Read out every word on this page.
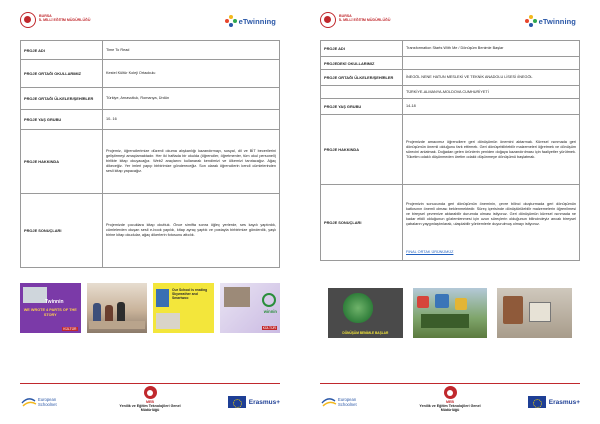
BURSA
İL MİLLİ EĞİTİM MÜDÜRLÜĞÜ	eTwinning
PROJE ADI	Time To Read
PROJE ORTAĞI OKULLARIMIZ	Kestel Kültür Koleji Ortaokulu
PROJE ORTAĞI ÜLKELER/ŞEHİRLER	Türkiye, Arnavutluk, Romanya, Ürdün
PROJE YAŞ GRUBU	10- 16
PROJE HAKKINDA	Projemiz, öğrencilerimize düzenli okuma alışkanlığı kazandırmayı, sosyal, dil ve BİT becerilerini geliştirmeyi amaçlamaktadır. Her iki haftada bir okulda (öğrenciler, öğretmenler, tüm okul personeli) birlikte kitap okuyacağız. Web2 araçlarını kullanarak kendimizi ve ülkemizi tanıtacağız. Ağaç dikeceğiz. Yer imleri yapıp birbirimize göndereceğiz. Son olarak öğrencilerin kendi cümlelerinden sesli kitap yapacağız.
PROJE SONUÇLARI	Projemizde çocuklara kitap okuttuk. Önce simifta sonra öğleç yerlerde, ses kaydı yaptırdık, cümlelerden oluşan sesli e-book yapıldı, kitap ayraç yaptık ve postayla birbirimize gönderdik, yaşlı birine kitap okudular, ağaç dikerlerin fotosunu attıdık.
Twinnin
WE WROTE 4 PARTS OF THE STORY
KÜLTÜR
Our School is reading Skyweather and Smartwoo
winnin
KÜLTÜR
European
Schoolnet	MEB
Yenilik ve Eğitim Teknolojileri Genel Müdürlüğü
Erasmus+
BURSA
İL MİLLİ EĞİTİM MÜDÜRLÜĞÜ	eTwinning
PROJE ADI	Transformation Starts With Me / Dönüşüm Benimle Başlar
PROJEDEKİ OKULLARIMIZ	
PROJE ORTAĞI ÜLKELER/ŞEHİRLER	İNEGÖL NENE HATUN MESLEKİ VE TEKNİK ANADOLU LİSESİ /İNEGÖL
	TÜRKİYE-ALMANYA-MOLDOVA CUMHURİYETİ
PROJE YAŞ GRUBU	14-18
PROJE HAKKINDA	Projemizde amacımız öğrencilere geri dönüşümün önemini aktarmak. Küresel ısınmada geri dönüşümün önemli olduğunu fark ettirmek. Geri dönüşebilirlebilir malzemeleri öğretmek ve dönüşüm sürecini anlatmak. Doğadan gelen ürünlerin yeniden doğaya kazandırılması için faaliyetler yürütmek. Tüketim odaklı düşünmeden üretim odaklı düşünmeye dönüşümü başlatmak.
PROJE SONUÇLARI	Projemizin sonucunda geri dönüşümün öneminin, çevre bilinci oluşturmada geri dönüşümün katkısının önemli olması beklenmektedir. Süreç içerisinde dönüştürülebilir malzemelerin öğrenilmesi ve bireysel çevrenize aktarabilir durumda olması istiyoruz. Geri dönüşümün küresel ısınmada ne kadar etkili olduğunun gözlemlenmesi için uzun süreçlerin olduğunun bilincindeyiz ancak bireysel çabaların yaygınlaştırılarak, ulaşılabilir yöntemlerle duyurulmuş olmayı istiyoruz.
	FINAL ORTAK ÜRÜNÜMÜZ
DÖNÜŞÜM BENİMLE BAŞLAR
European
Schoolnet	MEB
Yenilik ve Eğitim Teknolojileri Genel Müdürlüğü
Erasmus+
